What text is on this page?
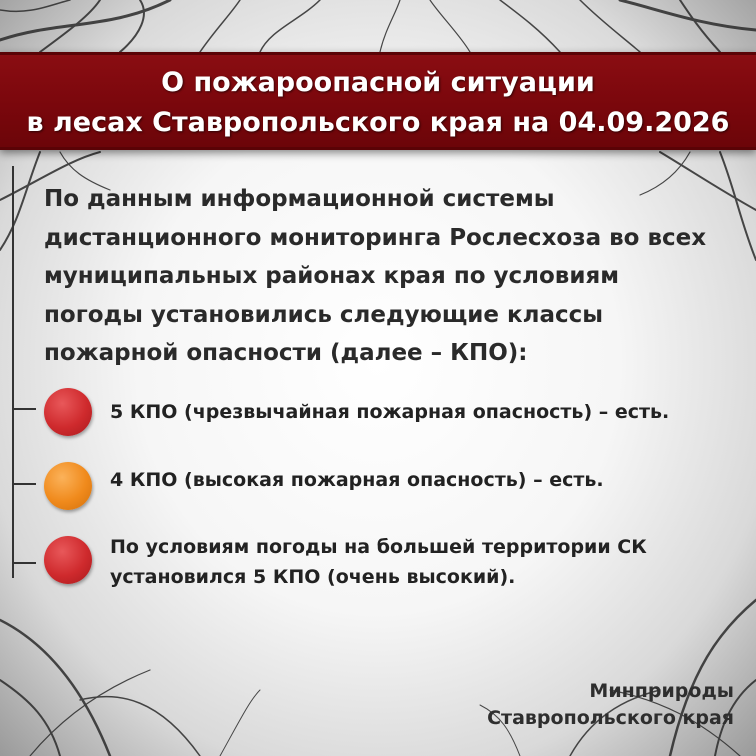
О пожароопасной ситуации
в лесах Ставропольского края на 04.09.2026
По данным информационной системы
дистанционного мониторинга Рослесхоза во всех
муниципальных районах края по условиям
погоды установились следующие классы
пожарной опасности (далее – КПО):
5 КПО (чрезвычайная пожарная опасность) – есть.
4 КПО (высокая пожарная опасность) – есть.
По условиям погоды на большей территории СК
установился 5 КПО (очень высокий).
Минприроды
Ставропольского края
